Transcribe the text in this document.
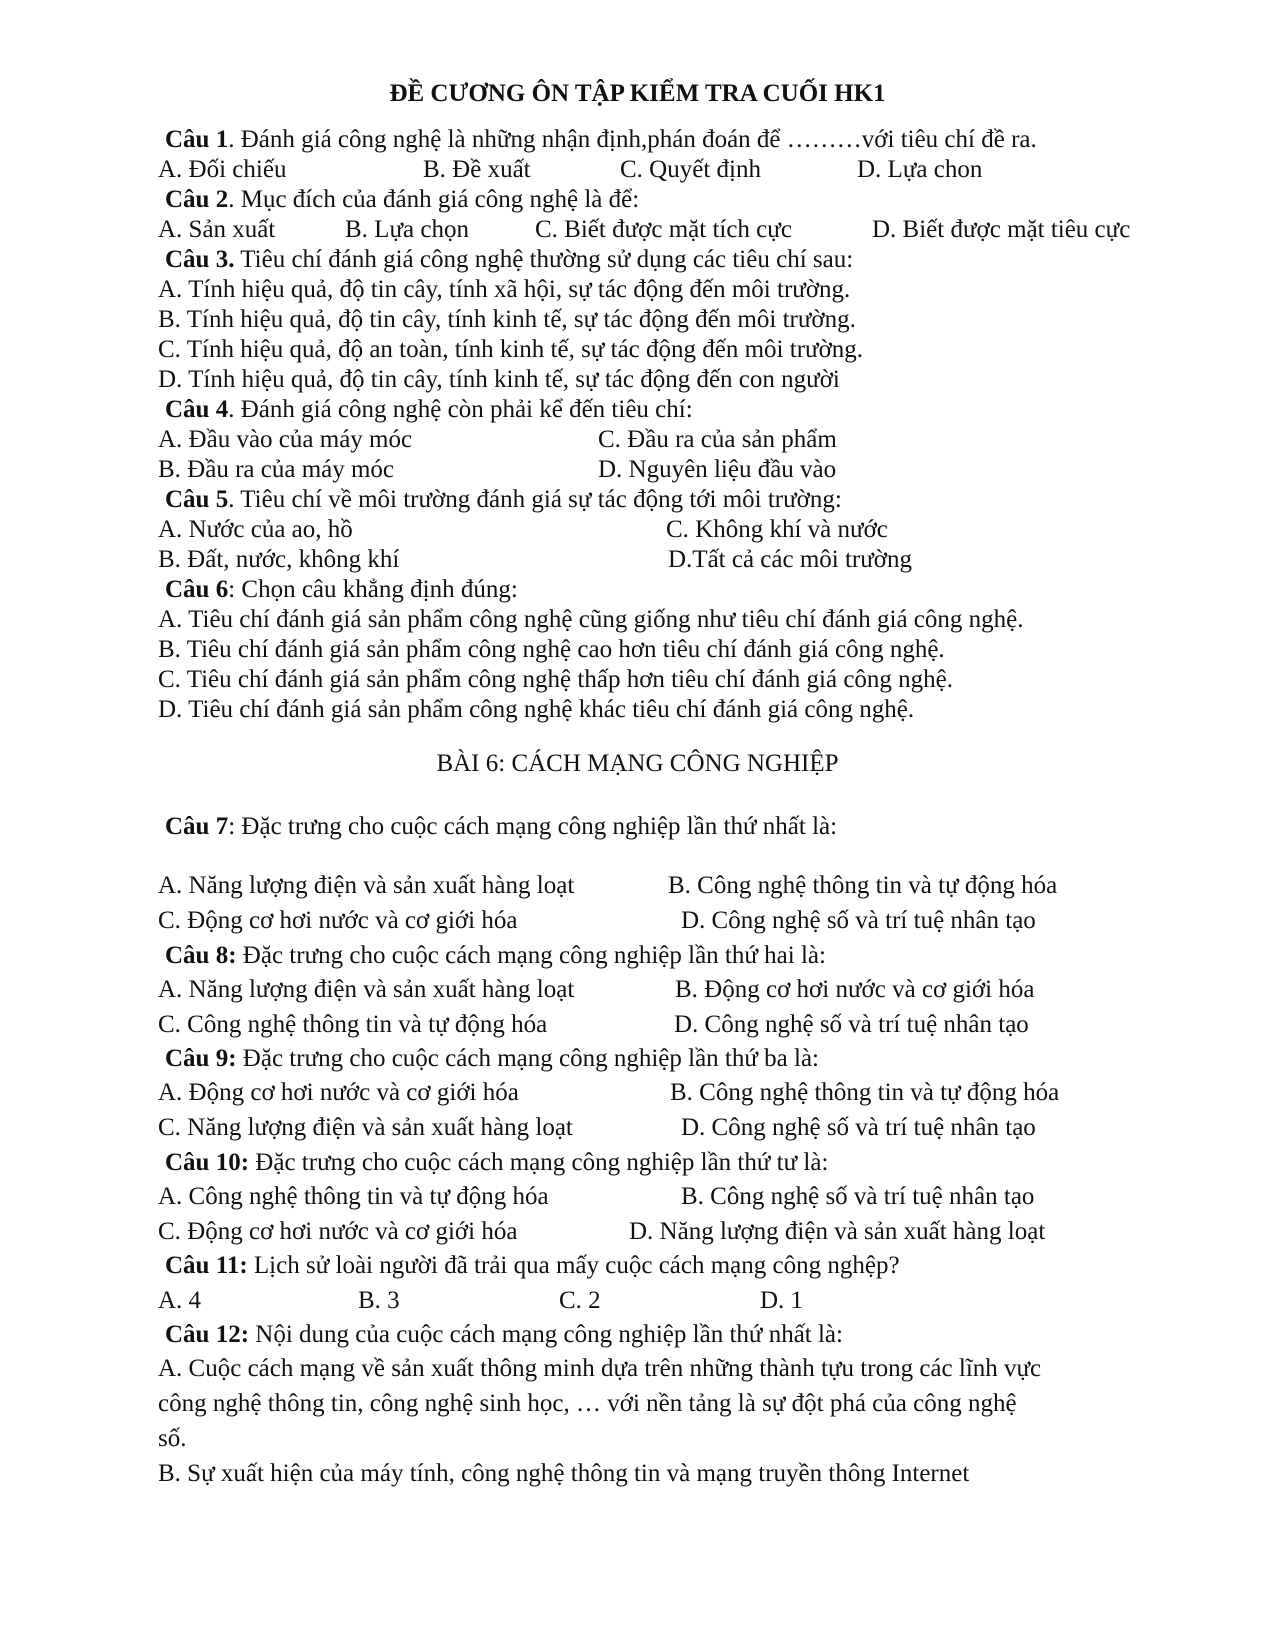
ĐỀ CƯƠNG ÔN TẬP KIỂM TRA CUỐI HK1
Câu 1. Đánh giá công nghệ là những nhận định,phán đoán để ………với tiêu chí đề ra.
A. Đối chiếu	B. Đề xuất	C. Quyết định	D. Lựa chon
Câu 2. Mục đích của đánh giá công nghệ là để:
A. Sản xuất	B. Lựa chọn	C. Biết được mặt tích cực	D. Biết được mặt tiêu cực
Câu 3. Tiêu chí đánh giá công nghệ thường sử dụng các tiêu chí sau:
A. Tính hiệu quả, độ tin cây, tính xã hội, sự tác động đến môi trường.
B. Tính hiệu quả, độ tin cây, tính kinh tế, sự tác động đến môi trường.
C. Tính hiệu quả, độ an toàn, tính kinh tế, sự tác động đến môi trường.
D. Tính hiệu quả, độ tin cây, tính kinh tế, sự tác động đến con người
Câu 4. Đánh giá công nghệ còn phải kể đến tiêu chí:
A. Đầu vào của máy móc	C. Đầu ra của sản phẩm
B. Đầu ra của máy móc	D. Nguyên liệu đầu vào
Câu 5. Tiêu chí về môi trường đánh giá sự tác động tới môi trường:
A. Nước của ao, hồ	C. Không khí và nước
B. Đất, nước, không khí	D.Tất cả các môi trường
Câu 6: Chọn câu khẳng định đúng:
A. Tiêu chí đánh giá sản phẩm công nghệ cũng giống như tiêu chí đánh giá công nghệ.
B. Tiêu chí đánh giá sản phẩm công nghệ cao hơn tiêu chí đánh giá công nghệ.
C. Tiêu chí đánh giá sản phẩm công nghệ thấp hơn tiêu chí đánh giá công nghệ.
D. Tiêu chí đánh giá sản phẩm công nghệ khác tiêu chí đánh giá công nghệ.
BÀI 6: CÁCH MẠNG CÔNG NGHIỆP
Câu 7: Đặc trưng cho cuộc cách mạng công nghiệp lần thứ nhất là:
A. Năng lượng điện và sản xuất hàng loạt	B. Công nghệ thông tin và tự động hóa
C. Động cơ hơi nước và cơ giới hóa	D. Công nghệ số và trí tuệ nhân tạo
Câu 8: Đặc trưng cho cuộc cách mạng công nghiệp lần thứ hai là:
A. Năng lượng điện và sản xuất hàng loạt	B. Động cơ hơi nước và cơ giới hóa
C. Công nghệ thông tin và tự động hóa	D. Công nghệ số và trí tuệ nhân tạo
Câu 9: Đặc trưng cho cuộc cách mạng công nghiệp lần thứ ba là:
A. Động cơ hơi nước và cơ giới hóa	B. Công nghệ thông tin và tự động hóa
C. Năng lượng điện và sản xuất hàng loạt	D. Công nghệ số và trí tuệ nhân tạo
Câu 10: Đặc trưng cho cuộc cách mạng công nghiệp lần thứ tư là:
A. Công nghệ thông tin và tự động hóa	B. Công nghệ số và trí tuệ nhân tạo
C. Động cơ hơi nước và cơ giới hóa	D. Năng lượng điện và sản xuất hàng loạt
Câu 11: Lịch sử loài người đã trải qua mấy cuộc cách mạng công nghệp?
A. 4	B. 3	C. 2	D. 1
Câu 12: Nội dung của cuộc cách mạng công nghiệp lần thứ nhất là:
A. Cuộc cách mạng về sản xuất thông minh dựa trên những thành tựu trong các lĩnh vực
công nghệ thông tin, công nghệ sinh học, … với nền tảng là sự đột phá của công nghệ
số.
B. Sự xuất hiện của máy tính, công nghệ thông tin và mạng truyền thông Internet
